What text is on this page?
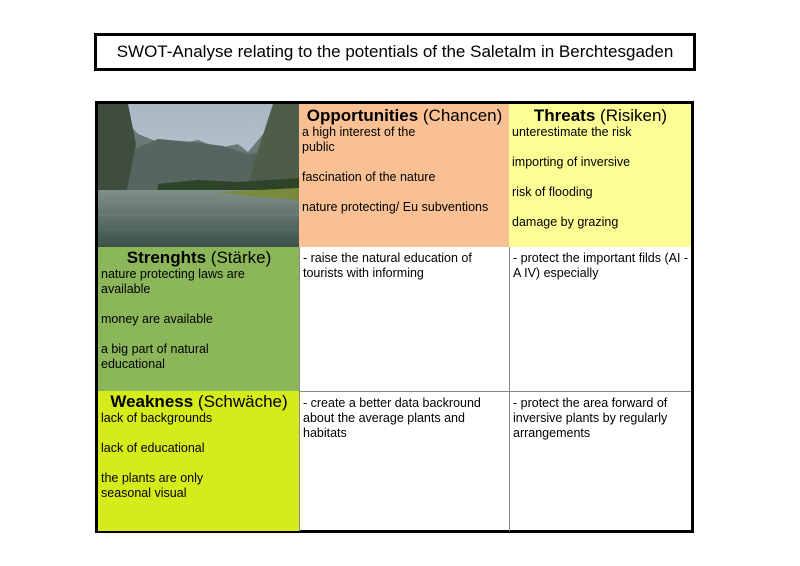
SWOT-Analyse relating to the potentials of the Saletalm in Berchtesgaden
Opportunities (Chancen)
a high interest of the public
fascination of the nature
nature protecting/ Eu subventions
Threats (Risiken)
unterestimate the risk
importing of inversive
risk of flooding
damage by grazing
Strenghts (Stärke)
nature protecting laws are available
money are available
a big part of natural educational
- raise the natural education of tourists with informing
- protect the important filds (AI - A IV) especially
Weakness (Schwäche)
lack of backgrounds
lack of educational
the plants are only seasonal visual
- create a better data backround about the average plants and habitats
- protect the area forward of inversive plants by regularly arrangements
